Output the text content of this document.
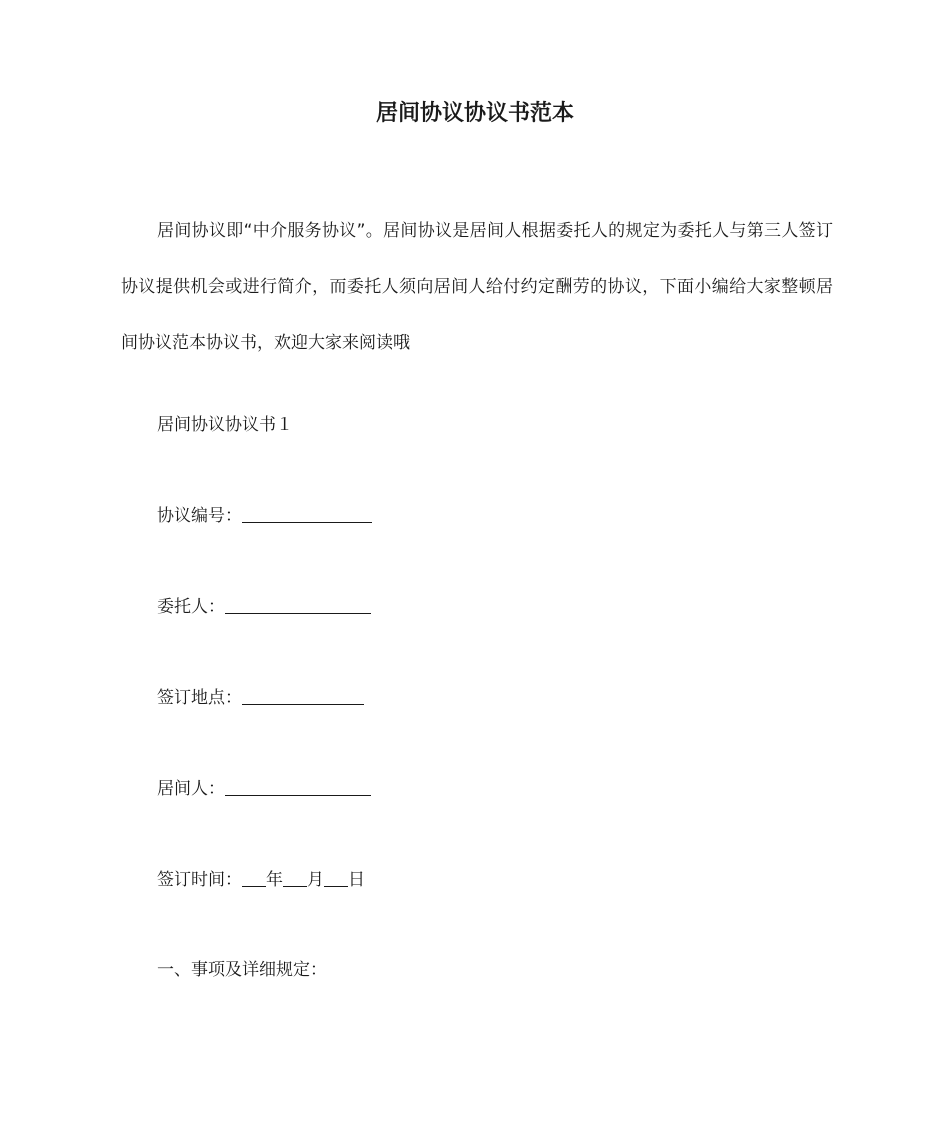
居间协议协议书范本

居间协议即“中介服务协议”。居间协议是居间人根据委托人的规定为委托人与第三人签订协议提供机会或进行简介，而委托人须向居间人给付约定酬劳的协议，下面小编给大家整顿居间协议范本协议书，欢迎大家来阅读哦

居间协议协议书１

协议编号：

委托人：

签订地点：

居间人：

签订时间： 年 月 日

一、事项及详细规定：
